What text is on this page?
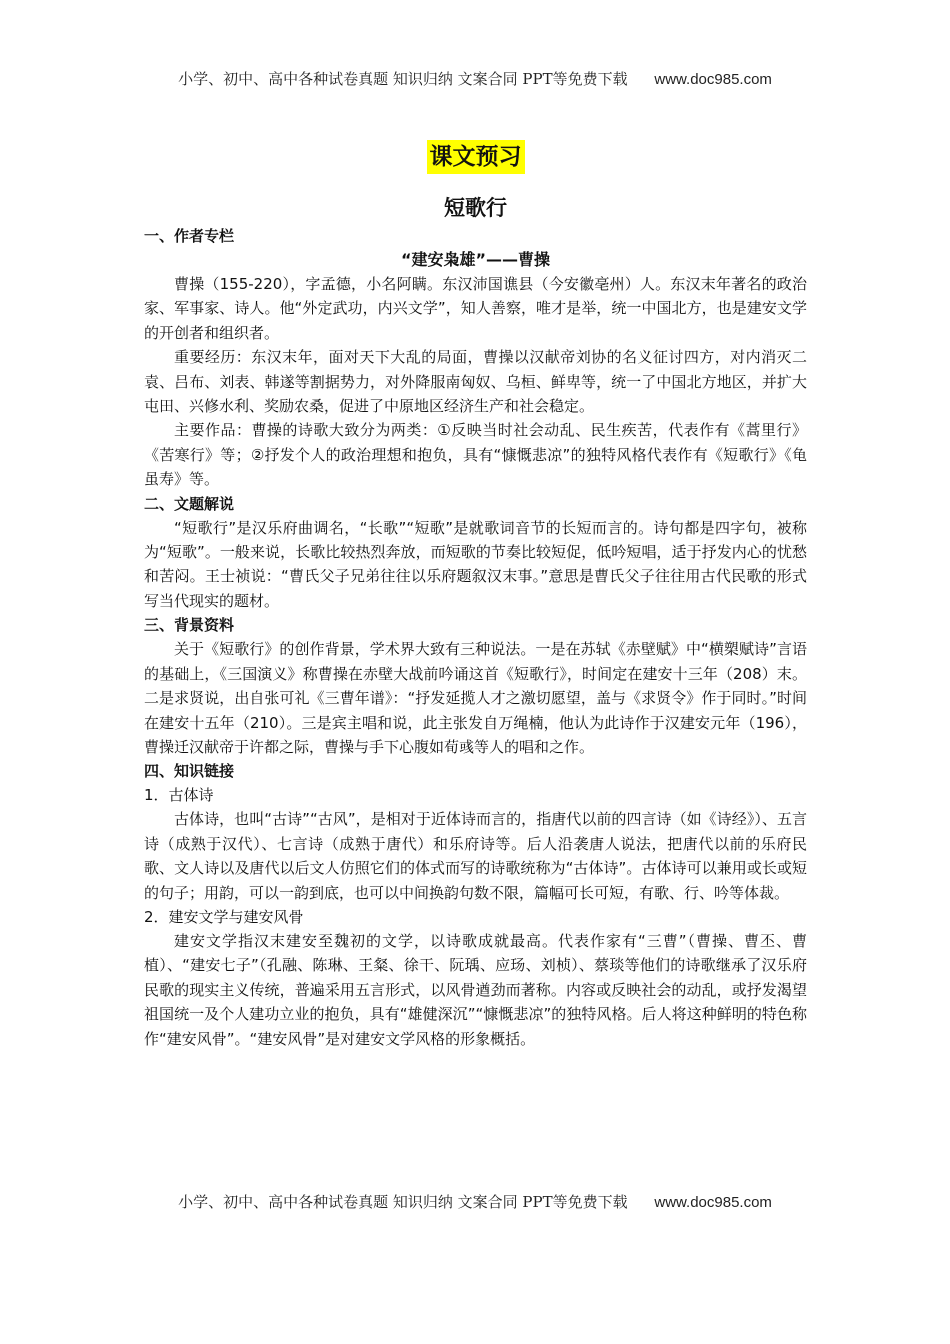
小学、初中、高中各种试卷真题 知识归纳 文案合同 PPT等免费下载 www.doc985.com
课文预习
短歌行
一、作者专栏
“建安枭雄”——曹操

曹操（155-220），字孟德，小名阿瞒。东汉沛国谯县（今安徽亳州）人。东汉末年著名的政治家、军事家、诗人。他“外定武功，内兴文学”，知人善察，唯才是举，统一中国北方，也是建安文学的开创者和组织者。

重要经历：东汉末年，面对天下大乱的局面，曹操以汉献帝刘协的名义征讨四方，对内消灭二袁、吕布、刘表、韩遂等割据势力，对外降服南匈奴、乌桓、鲜卑等，统一了中国北方地区，并扩大屯田、兴修水利、奖励农桑，促进了中原地区经济生产和社会稳定。

主要作品：曹操的诗歌大致分为两类：①反映当时社会动乱、民生疾苦，代表作有《蒿里行》《苦寒行》等；②抒发个人的政治理想和抱负，具有“慷慨悲凉”的独特风格代表作有《短歌行》《龟虽寿》等。

二、文题解说

“短歌行”是汉乐府曲调名，“长歌”“短歌”是就歌词音节的长短而言的。诗句都是四字句，被称为“短歌”。一般来说，长歌比较热烈奔放，而短歌的节奏比较短促，低吟短唱，适于抒发内心的忧愁和苦闷。王士祯说：“曹氏父子兄弟往往以乐府题叙汉末事。”意思是曹氏父子往往用古代民歌的形式写当代现实的题材。

三、背景资料

关于《短歌行》的创作背景，学术界大致有三种说法。一是在苏轼《赤壁赋》中“横槊赋诗”言语的基础上，《三国演义》称曹操在赤壁大战前吟诵这首《短歌行》，时间定在建安十三年（208）末。二是求贤说，出自张可礼《三曹年谱》：“抒发延揽人才之激切愿望，盖与《求贤令》作于同时。”时间在建安十五年（210）。三是宾主唱和说，此主张发自万绳楠，他认为此诗作于汉建安元年（196），曹操迁汉献帝于许都之际，曹操与手下心腹如荀彧等人的唱和之作。

四、知识链接
1．古体诗

古体诗，也叫“古诗”“古风”，是相对于近体诗而言的，指唐代以前的四言诗（如《诗经》）、五言诗（成熟于汉代）、七言诗（成熟于唐代）和乐府诗等。后人沿袭唐人说法，把唐代以前的乐府民歌、文人诗以及唐代以后文人仿照它们的体式而写的诗歌统称为“古体诗”。古体诗可以兼用或长或短的句子；用韵，可以一韵到底，也可以中间换韵句数不限，篇幅可长可短，有歌、行、吟等体裁。

2．建安文学与建安风骨

建安文学指汉末建安至魏初的文学，以诗歌成就最高。代表作家有“三曹”（曹操、曹丕、曹植）、“建安七子”（孔融、陈琳、王粲、徐干、阮瑀、应玚、刘桢）、蔡琰等他们的诗歌继承了汉乐府民歌的现实主义传统，普遍采用五言形式，以风骨遒劲而著称。内容或反映社会的动乱，或抒发渴望祖国统一及个人建功立业的抱负，具有“雄健深沉”“慷慨悲凉”的独特风格。后人将这种鲜明的特色称作“建安风骨”。“建安风骨”是对建安文学风格的形象概括。

小学、初中、高中各种试卷真题 知识归纳 文案合同 PPT等免费下载 www.doc985.com
